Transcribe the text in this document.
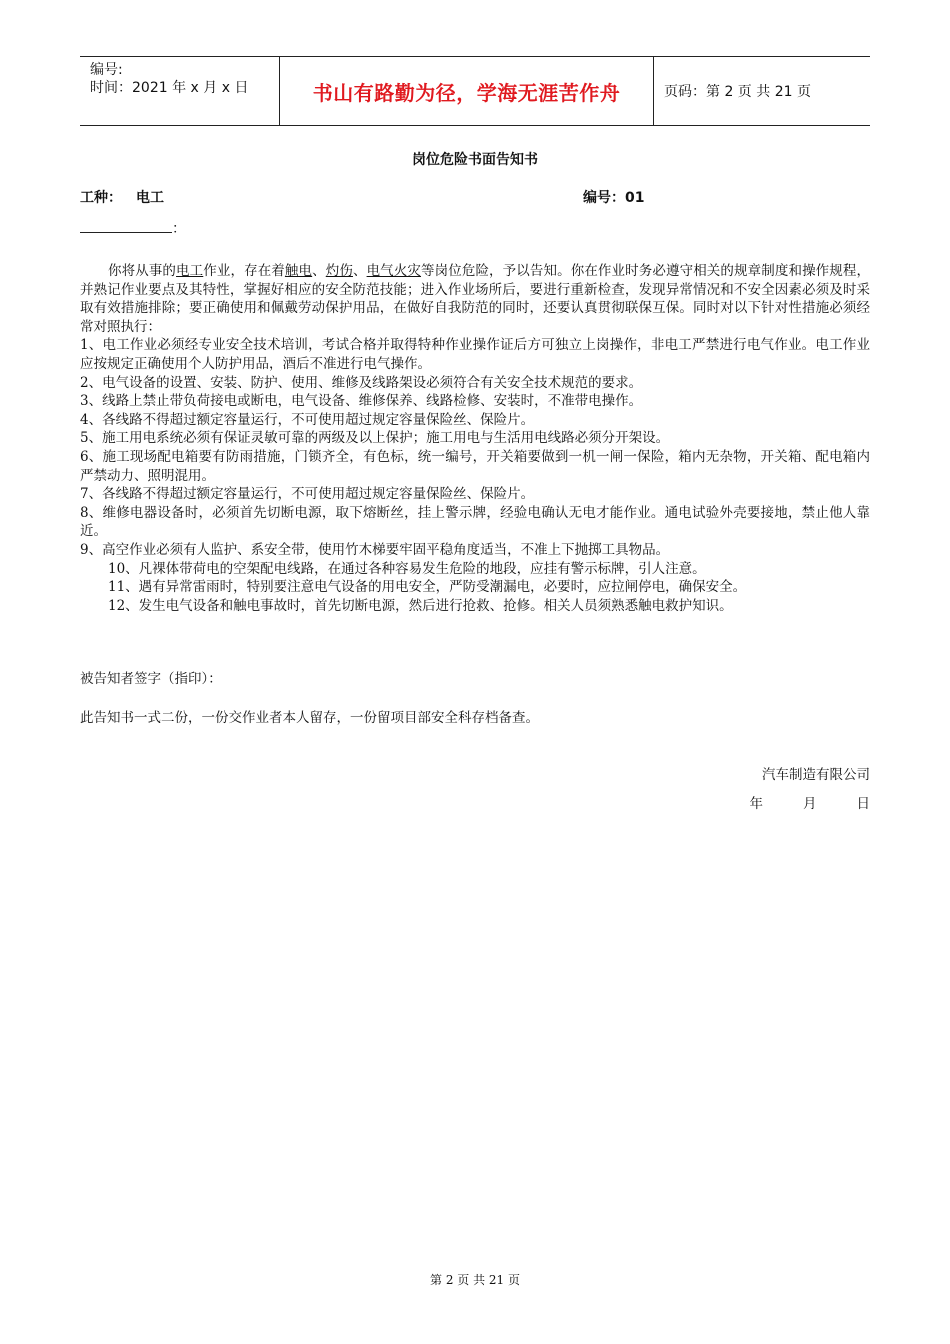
编号:
时间：2021 年 x 月 x 日	书山有路勤为径，学海无涯苦作舟	页码：第 2 页 共 21 页
岗位危险书面告知书
工种： 电工	编号：01
：

你将从事的电工作业，存在着触电、灼伤、电气火灾等岗位危险，予以告知。你在作业时务必遵守相关的规章制度和操作规程，并熟记作业要点及其特性，掌握好相应的安全防范技能；进入作业场所后，要进行重新检查，发现异常情况和不安全因素必须及时采取有效措施排除；要正确使用和佩戴劳动保护用品，在做好自我防范的同时，还要认真贯彻联保互保。同时对以下针对性措施必须经常对照执行：

1、电工作业必须经专业安全技术培训，考试合格并取得特种作业操作证后方可独立上岗操作，非电工严禁进行电气作业。电工作业应按规定正确使用个人防护用品，酒后不准进行电气操作。

2、电气设备的设置、安装、防护、使用、维修及线路架设必须符合有关安全技术规范的要求。

3、线路上禁止带负荷接电或断电，电气设备、维修保养、线路检修、安装时，不准带电操作。

4、各线路不得超过额定容量运行，不可使用超过规定容量保险丝、保险片。

5、施工用电系统必须有保证灵敏可靠的两级及以上保护；施工用电与生活用电线路必须分开架设。

6、施工现场配电箱要有防雨措施，门锁齐全，有色标，统一编号，开关箱要做到一机一闸一保险，箱内无杂物，开关箱、配电箱内严禁动力、照明混用。

7、各线路不得超过额定容量运行，不可使用超过规定容量保险丝、保险片。

8、维修电器设备时，必须首先切断电源，取下熔断丝，挂上警示牌，经验电确认无电才能作业。通电试验外壳要接地，禁止他人靠近。

9、高空作业必须有人监护、系安全带，使用竹木梯要牢固平稳角度适当，不准上下抛掷工具物品。

10、凡裸体带荷电的空架配电线路，在通过各种容易发生危险的地段，应挂有警示标牌，引人注意。

11、遇有异常雷雨时，特别要注意电气设备的用电安全，严防受潮漏电，必要时，应拉闸停电，确保安全。

12、发生电气设备和触电事故时，首先切断电源，然后进行抢救、抢修。相关人员须熟悉触电救护知识。

被告知者签字（指印）：
此告知书一式二份，一份交作业者本人留存，一份留项目部安全科存档备查。
汽车制造有限公司
年	月	日
第 2 页 共 21 页
